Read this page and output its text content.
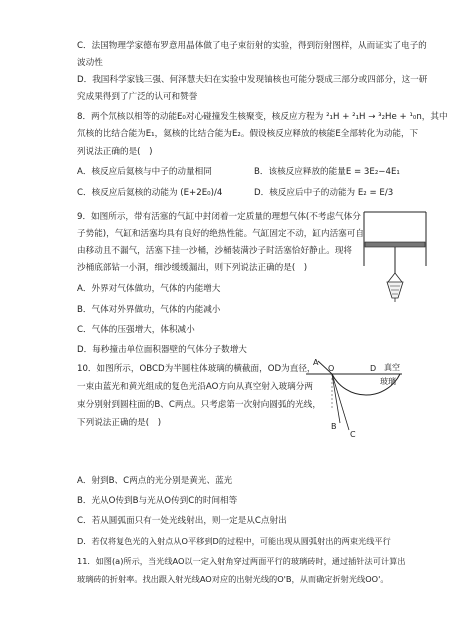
C．法国物理学家德布罗意用晶体做了电子束衍射的实验，得到衍射图样，从而证实了电子的
波动性
D．我国科学家钱三强、何泽慧夫妇在实验中发现铀核也可能分裂成三部分或四部分，这一研
究成果得到了广泛的认可和赞誉
8．两个氘核以相等的动能E₀对心碰撞发生核聚变，核反应方程为 ²₁H + ²₁H → ³₂He + ¹₀n，其中
氘核的比结合能为E₁，氦核的比结合能为E₂。假设核反应释放的核能E全部转化为动能，下
列说法正确的是(　)
A．核反应后氦核与中子的动量相同	B．该核反应释放的能量E = 3E₂−4E₁
C．核反应后氦核的动能为 (E+2E₀)/4	D．核反应后中子的动能为 E₂ = E/3
9．如图所示，带有活塞的气缸中封闭着一定质量的理想气体(不考虑气体分
子势能)，气缸和活塞均具有良好的绝热性能。气缸固定不动，缸内活塞可自
由移动且不漏气，活塞下挂一沙桶，沙桶装满沙子时活塞恰好静止。现将
沙桶底部钻一小洞，细沙缓缓漏出，则下列说法正确的是(　)
A．外界对气体做功，气体的内能增大
B．气体对外界做功，气体的内能减小
C．气体的压强增大，体积减小
D．每秒撞击单位面积器壁的气体分子数增大
10．如图所示，OBCD为半圆柱体玻璃的横截面，OD为直径，
一束由蓝光和黄光组成的复色光沿AO方向从真空射入玻璃分两
束分别射到圆柱面的B、C两点。只考虑第一次射向圆弧的光线，
下列说法正确的是(　)
A．射到B、C两点的光分别是黄光、蓝光
B．光从O传到B与光从O传到C的时间相等
C．若从圆弧面只有一处光线射出，则一定是从C点射出
D．若仅将复色光的入射点从O平移到D的过程中，可能出现从圆弧射出的两束光线平行
11．如图(a)所示，当光线AO以一定入射角穿过两面平行的玻璃砖时，通过插针法可计算出
玻璃砖的折射率。找出跟入射光线AO对应的出射光线的O'B，从而确定折射光线OO'。
A
O	D
B
C
真空
玻璃
